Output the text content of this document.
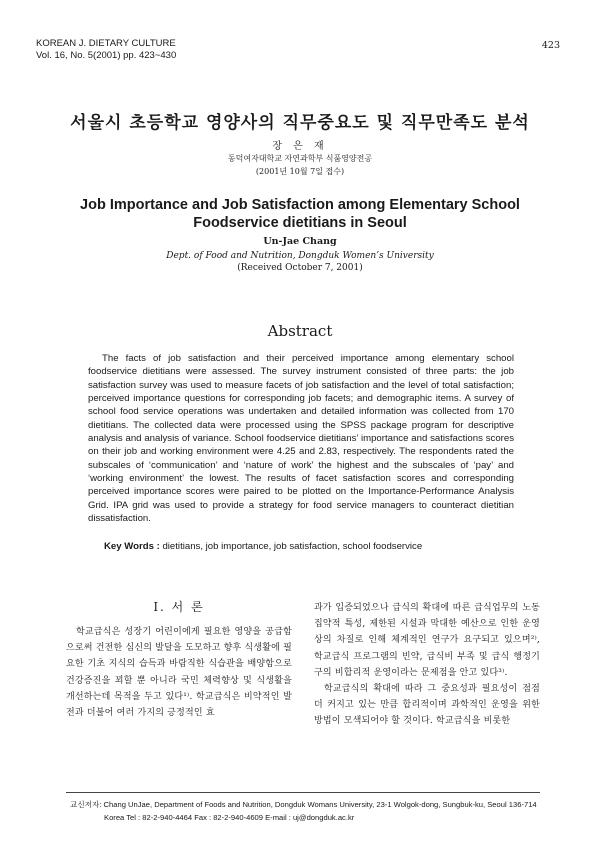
KOREAN J. DIETARY CULTURE
Vol. 16, No. 5(2001) pp. 423~430
423
서울시 초등학교 영양사의 직무중요도 및 직무만족도 분석
장 은 재
동덕여자대학교 자연과학부 식품영양전공
(2001년 10월 7일 접수)
Job Importance and Job Satisfaction among Elementary School
Foodservice dietitians in Seoul
Un-Jae Chang
Dept. of Food and Nutrition, Dongduk Women’s University
(Received October 7, 2001)
Abstract

The facts of job satisfaction and their perceived importance among elementary school foodservice dietitians were assessed. The survey instrument consisted of three parts: the job satisfaction survey was used to measure facets of job satisfaction and the level of total satisfaction; perceived importance questions for corresponding job facets; and demographic items. A survey of school food service operations was undertaken and detailed information was collected from 170 dietitians. The collected data were processed using the SPSS package program for descriptive analysis and analysis of variance. School foodservice dietitians’ importance and satisfactions scores on their job and working environment were 4.25 and 2.83, respectively. The respondents rated the subscales of ‘communication’ and ‘nature of work’ the highest and the subscales of ‘pay’ and ‘working environment’ the lowest. The results of facet satisfaction scores and corresponding perceived importance scores were paired to be plotted on the Importance-Performance Analysis Grid. IPA grid was used to provide a strategy for food service managers to counteract dietitian dissatisfaction.

Key Words : dietitians, job importance, job satisfaction, school foodservice
I. 서 론

학교급식은 성장기 어린이에게 필요한 영양을 공급함으로써 건전한 심신의 발달을 도모하고 향후 식생활에 필요한 기초 지식의 습득과 바람직한 식습관을 배양함으로 건강증진을 꾀할 뿐 아니라 국민 체력향상 및 식생활을 개선하는데 목적을 두고 있다¹⁾. 학교급식은 비약적인 발전과 더불어 여러 가지의 긍정적인 효

과가 입증되었으나 급식의 확대에 따른 급식업무의 노동집약적 특성, 제한된 시설과 막대한 예산으로 인한 운영상의 차질로 인해 체계적인 연구가 요구되고 있으며²⁾, 학교급식 프로그램의 빈약, 급식비 부족 및 급식 행정기구의 비합리적 운영이라는 문제점을 안고 있다³⁾.

학교급식의 확대에 따라 그 중요성과 필요성이 점점 더 커지고 있는 만큼 합리적이며 과학적인 운영을 위한 방법이 모색되어야 할 것이다. 학교급식을 비롯한

교신저자: Chang UnJae, Department of Foods and Nutrition, Dongduk Womans University, 23-1 Wolgok-dong, Sungbuk-ku, Seoul 136-714
Korea Tel : 82-2-940-4464 Fax : 82-2-940-4609 E-mail : uj@dongduk.ac.kr
